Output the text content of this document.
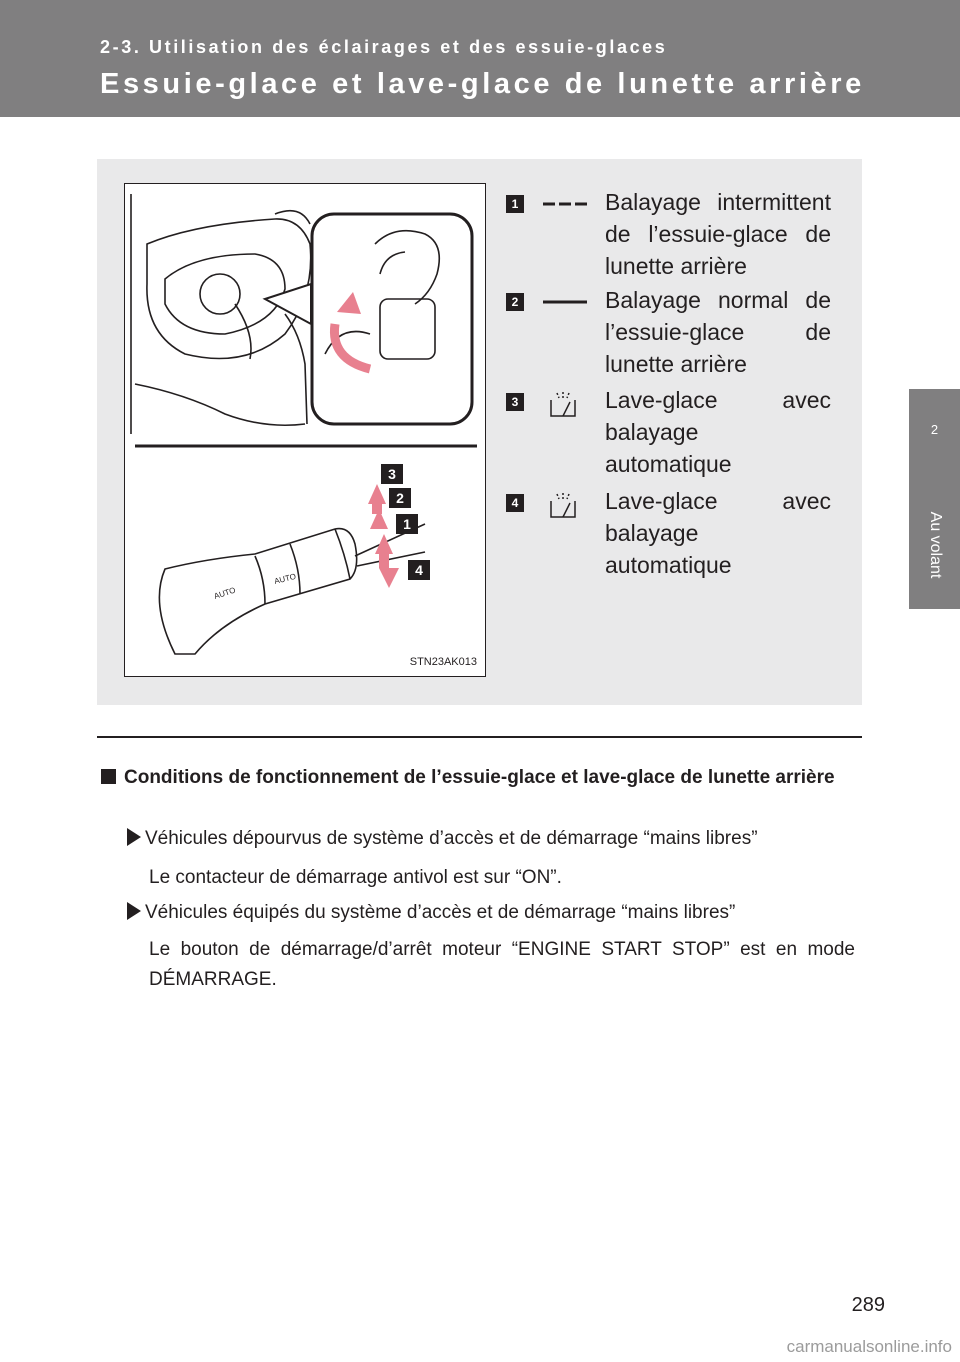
2-3. Utilisation des éclairages et des essuie-glaces
Essuie-glace et lave-glace de lunette arrière
2
Au volant
AUTO
AUTO
3
2
1
4
STN23AK013
1	Balayage intermittent de l’essuie-glace de lunette arrière
2	Balayage normal de l’essuie-glace de lunette arrière
3	Lave-glace avec balayage automatique
4	Lave-glace avec balayage automatique
Conditions de fonctionnement de l’essuie-glace et lave-glace de lunette arrière
Véhicules dépourvus de système d’accès et de démarrage “mains libres”
Le contacteur de démarrage antivol est sur “ON”.
Véhicules équipés du système d’accès et de démarrage “mains libres”
Le bouton de démarrage/d’arrêt moteur “ENGINE START STOP” est en mode DÉMARRAGE.
289
carmanualsonline.info
